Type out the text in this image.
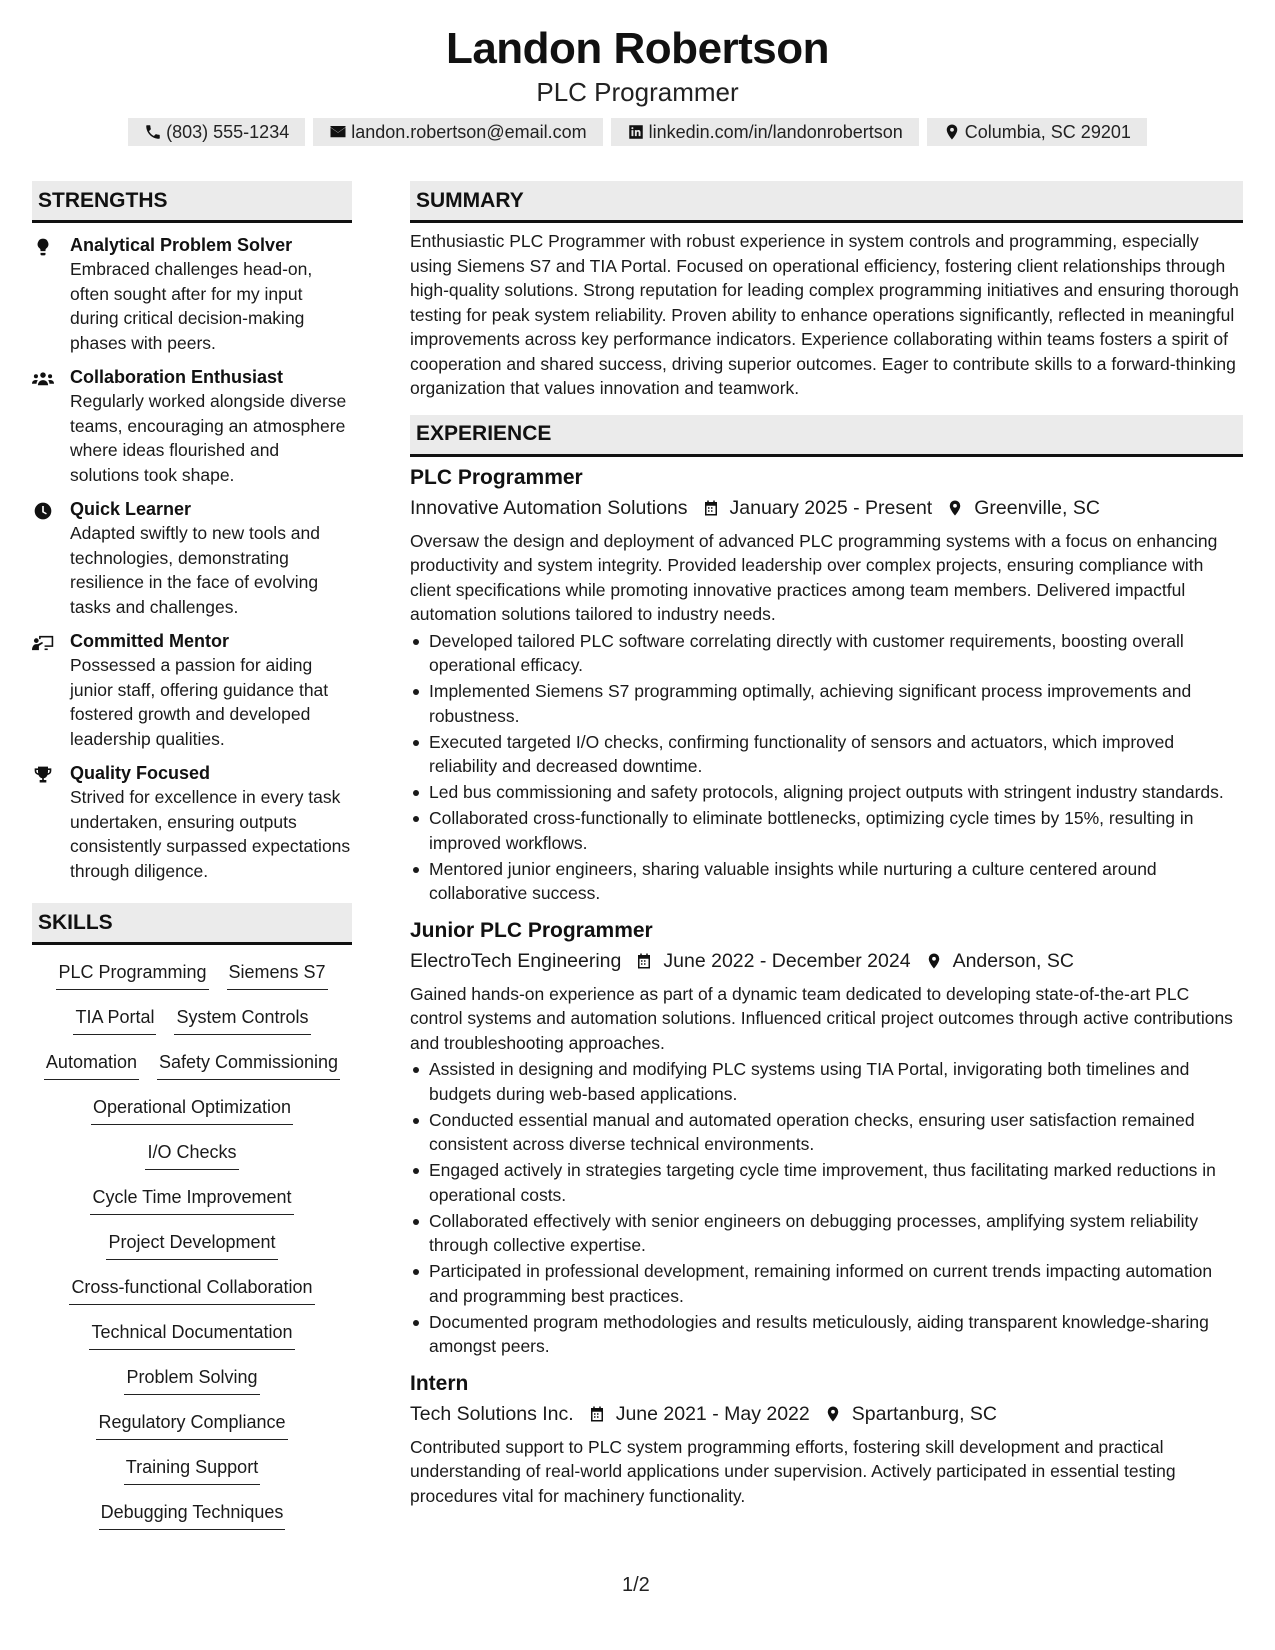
Landon Robertson
PLC Programmer
(803) 555-1234	landon.robertson@email.com	linkedin.com/in/landonrobertson	Columbia, SC 29201
STRENGTHS
Analytical Problem Solver
Embraced challenges head-on, often sought after for my input during critical decision-making phases with peers.
Collaboration Enthusiast
Regularly worked alongside diverse teams, encouraging an atmosphere where ideas flourished and solutions took shape.
Quick Learner
Adapted swiftly to new tools and technologies, demonstrating resilience in the face of evolving tasks and challenges.
Committed Mentor
Possessed a passion for aiding junior staff, offering guidance that fostered growth and developed leadership qualities.
Quality Focused
Strived for excellence in every task undertaken, ensuring outputs consistently surpassed expectations through diligence.
SKILLS
PLC Programming Siemens S7
TIA Portal System Controls
Automation Safety Commissioning
Operational Optimization
I/O Checks
Cycle Time Improvement
Project Development
Cross-functional Collaboration
Technical Documentation
Problem Solving
Regulatory Compliance
Training Support
Debugging Techniques
SUMMARY
Enthusiastic PLC Programmer with robust experience in system controls and programming, especially using Siemens S7 and TIA Portal. Focused on operational efficiency, fostering client relationships through high-quality solutions. Strong reputation for leading complex programming initiatives and ensuring thorough testing for peak system reliability. Proven ability to enhance operations significantly, reflected in meaningful improvements across key performance indicators. Experience collaborating within teams fosters a spirit of cooperation and shared success, driving superior outcomes. Eager to contribute skills to a forward-thinking organization that values innovation and teamwork.
EXPERIENCE
PLC Programmer
Innovative Automation Solutions January 2025 - Present Greenville, SC
Oversaw the design and deployment of advanced PLC programming systems with a focus on enhancing productivity and system integrity. Provided leadership over complex projects, ensuring compliance with client specifications while promoting innovative practices among team members. Delivered impactful automation solutions tailored to industry needs.
Developed tailored PLC software correlating directly with customer requirements, boosting overall operational efficacy.
Implemented Siemens S7 programming optimally, achieving significant process improvements and robustness.
Executed targeted I/O checks, confirming functionality of sensors and actuators, which improved reliability and decreased downtime.
Led bus commissioning and safety protocols, aligning project outputs with stringent industry standards.
Collaborated cross-functionally to eliminate bottlenecks, optimizing cycle times by 15%, resulting in improved workflows.
Mentored junior engineers, sharing valuable insights while nurturing a culture centered around collaborative success.
Junior PLC Programmer
ElectroTech Engineering June 2022 - December 2024 Anderson, SC
Gained hands-on experience as part of a dynamic team dedicated to developing state-of-the-art PLC control systems and automation solutions. Influenced critical project outcomes through active contributions and troubleshooting approaches.
Assisted in designing and modifying PLC systems using TIA Portal, invigorating both timelines and budgets during web-based applications.
Conducted essential manual and automated operation checks, ensuring user satisfaction remained consistent across diverse technical environments.
Engaged actively in strategies targeting cycle time improvement, thus facilitating marked reductions in operational costs.
Collaborated effectively with senior engineers on debugging processes, amplifying system reliability through collective expertise.
Participated in professional development, remaining informed on current trends impacting automation and programming best practices.
Documented program methodologies and results meticulously, aiding transparent knowledge-sharing amongst peers.
Intern
Tech Solutions Inc. June 2021 - May 2022 Spartanburg, SC
Contributed support to PLC system programming efforts, fostering skill development and practical understanding of real-world applications under supervision. Actively participated in essential testing procedures vital for machinery functionality.
1/2
